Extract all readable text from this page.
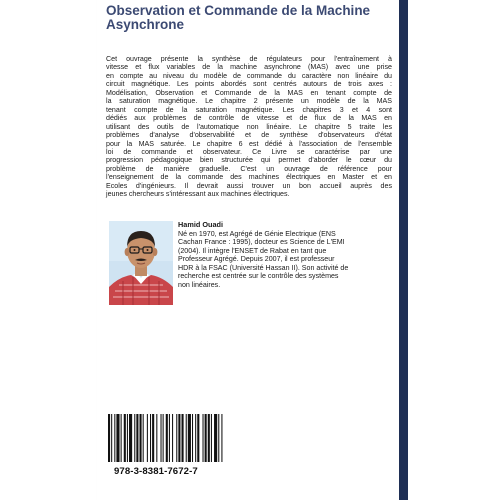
Observation et Commande de la Machine
Asynchrone

Cet ouvrage présente la synthèse de régulateurs pour l'entraînement à
vitesse et flux variables de la machine asynchrone (MAS) avec une prise
en compte au niveau du modèle de commande du caractère non linéaire du
circuit magnétique. Les points abordés sont centrés autours de trois axes :
Modélisation, Observation et Commande de la MAS en tenant compte de
la saturation magnétique. Le chapitre 2 présente un modèle de la MAS
tenant compte de la saturation magnétique. Les chapitres 3 et 4 sont
dédiés aux problèmes de contrôle de vitesse et de flux de la MAS en
utilisant des outils de l'automatique non linéaire. Le chapitre 5 traite les
problèmes d'analyse d'observabilité et de synthèse d'observateurs d'état
pour la MAS saturée. Le chapitre 6 est dédié à l'association de l'ensemble
loi de commande et observateur. Ce Livre se caractérise par une
progression pédagogique bien structurée qui permet d'aborder le cœur du
problème de manière graduelle. C'est un ouvrage de référence pour
l'enseignement de la commande des machines électriques en Master et en
Ecoles d'ingénieurs. Il devrait aussi trouver un bon accueil auprès des
jeunes chercheurs s'intéressant aux machines électriques.

Hamid Ouadi

Né en 1970, est Agrégé de Génie Electrique (ENS
Cachan France : 1995), docteur es Science de L'EMI
(2004). Il intègre l'ENSET de Rabat en tant que
Professeur Agrégé. Depuis 2007, il est professeur
HDR à la FSAC (Université Hassan II). Son activité de
recherche est centrée sur le contrôle des systèmes
non linéaires.

978-3-8381-7672-7
